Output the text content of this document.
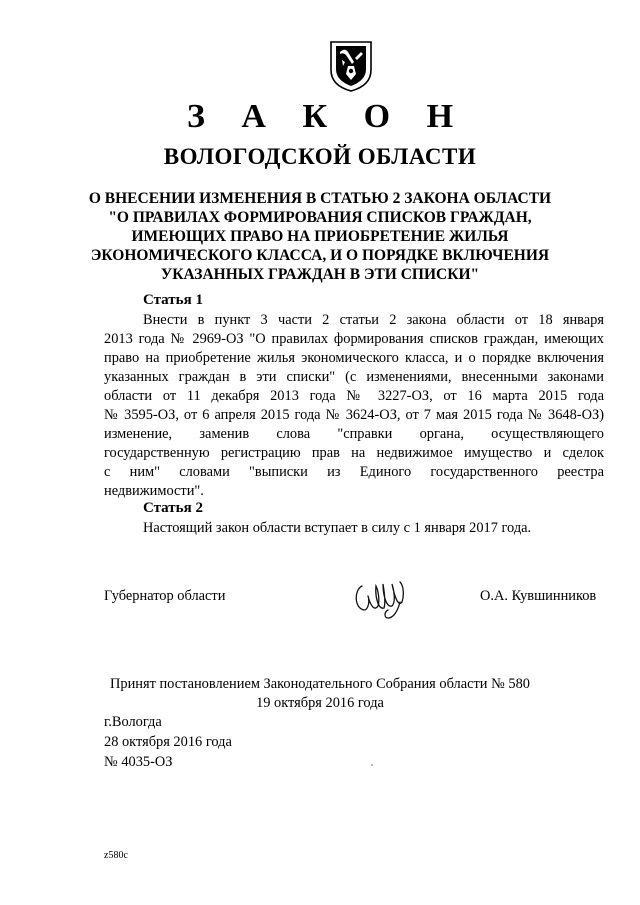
З А К О Н
ВОЛОГОДСКОЙ ОБЛАСТИ
О ВНЕСЕНИИ ИЗМЕНЕНИЯ В СТАТЬЮ 2 ЗАКОНА ОБЛАСТИ
"О ПРАВИЛАХ ФОРМИРОВАНИЯ СПИСКОВ ГРАЖДАН,
ИМЕЮЩИХ ПРАВО НА ПРИОБРЕТЕНИЕ ЖИЛЬЯ
ЭКОНОМИЧЕСКОГО КЛАССА, И О ПОРЯДКЕ ВКЛЮЧЕНИЯ
УКАЗАННЫХ ГРАЖДАН В ЭТИ СПИСКИ"
Статья 1
Внести в пункт 3 части 2 статьи 2 закона области от 18 января
2013 года № 2969-ОЗ "О правилах формирования списков граждан, имеющих
право на приобретение жилья экономического класса, и о порядке включения
указанных граждан в эти списки" (с изменениями, внесенными законами
области от 11 декабря 2013 года № 3227-ОЗ, от 16 марта 2015 года
№ 3595-ОЗ, от 6 апреля 2015 года № 3624-ОЗ, от 7 мая 2015 года № 3648-ОЗ)
изменение, заменив слова "справки органа, осуществляющего
государственную регистрацию прав на недвижимое имущество и сделок
с ним" словами "выписки из Единого государственного реестра
недвижимости".
Статья 2
Настоящий закон области вступает в силу с 1 января 2017 года.
Губернатор области	О.А. Кувшинников
Принят постановлением Законодательного Собрания области № 580
19 октября 2016 года
г.Вологда
28 октября 2016 года
№ 4035-ОЗ
z580c
